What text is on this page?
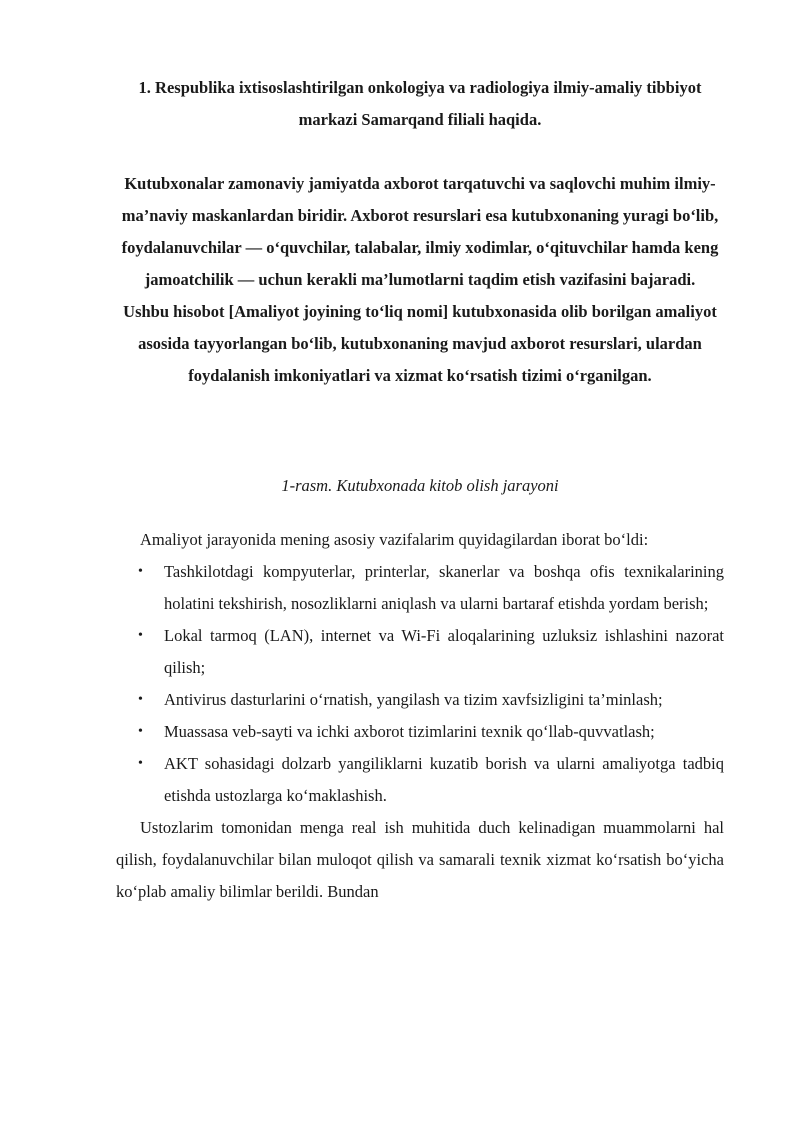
1. Respublika ixtisoslashtirilgan onkologiya va radiologiya ilmiy-amaliy tibbiyot markazi Samarqand filiali haqida.

Kutubxonalar zamonaviy jamiyatda axborot tarqatuvchi va saqlovchi muhim ilmiy-ma’naviy maskanlardan biridir. Axborot resurslari esa kutubxonaning yuragi bo‘lib, foydalanuvchilar — o‘quvchilar, talabalar, ilmiy xodimlar, o‘qituvchilar hamda keng jamoatchilik — uchun kerakli ma’lumotlarni taqdim etish vazifasini bajaradi.

Ushbu hisobot [Amaliyot joyining to‘liq nomi] kutubxonasida olib borilgan amaliyot asosida tayyorlangan bo‘lib, kutubxonaning mavjud axborot resurslari, ulardan foydalanish imkoniyatlari va xizmat ko‘rsatish tizimi o‘rganilgan.

1-rasm. Kutubxonada kitob olish jarayoni

Amaliyot jarayonida mening asosiy vazifalarim quyidagilardan iborat bo‘ldi:

• Tashkilotdagi kompyuterlar, printerlar, skanerlar va boshqa ofis texnikalarining holatini tekshirish, nosozliklarni aniqlash va ularni bartaraf etishda yordam berish;
• Lokal tarmoq (LAN), internet va Wi-Fi aloqalarining uzluksiz ishlashini nazorat qilish;
• Antivirus dasturlarini o‘rnatish, yangilash va tizim xavfsizligini ta’minlash;
• Muassasa veb-sayti va ichki axborot tizimlarini texnik qo‘llab-quvvatlash;
• AKT sohasidagi dolzarb yangiliklarni kuzatib borish va ularni amaliyotga tadbiq etishda ustozlarga ko‘maklashish.

Ustozlarim tomonidan menga real ish muhitida duch kelinadigan muammolarni hal qilish, foydalanuvchilar bilan muloqot qilish va samarali texnik xizmat ko‘rsatish bo‘yicha ko‘plab amaliy bilimlar berildi. Bundan
